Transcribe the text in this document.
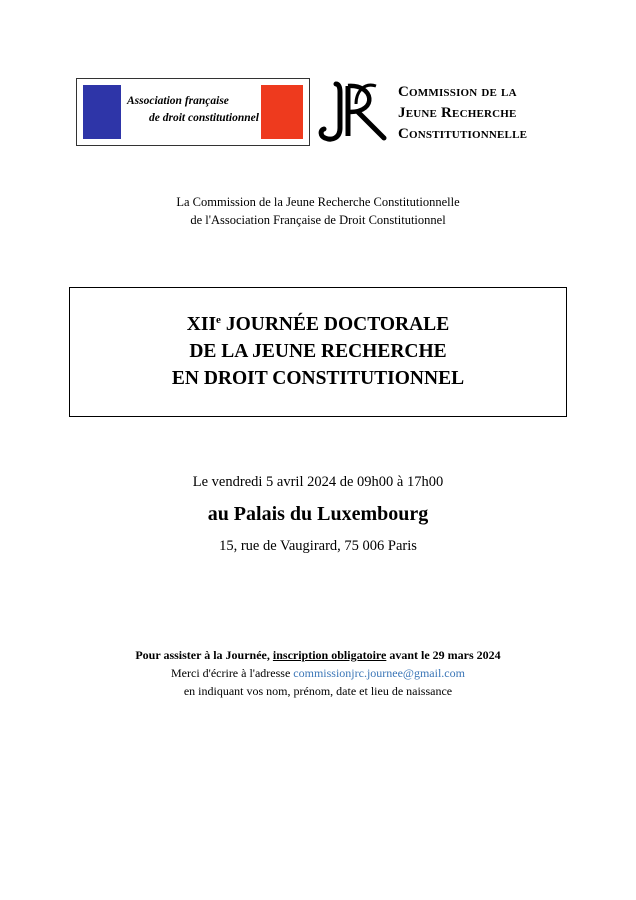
Association française
de droit constitutionnel
Commission de la
Jeune Recherche
Constitutionnelle
La Commission de la Jeune Recherche Constitutionnelle
de l'Association Française de Droit Constitutionnel
XIIe JOURNÉE DOCTORALE
DE LA JEUNE RECHERCHE
EN DROIT CONSTITUTIONNEL
Le vendredi 5 avril 2024 de 09h00 à 17h00
au Palais du Luxembourg
15, rue de Vaugirard, 75 006 Paris
Pour assister à la Journée, inscription obligatoire avant le 29 mars 2024
Merci d'écrire à l'adresse commissionjrc.journee@gmail.com
en indiquant vos nom, prénom, date et lieu de naissance
